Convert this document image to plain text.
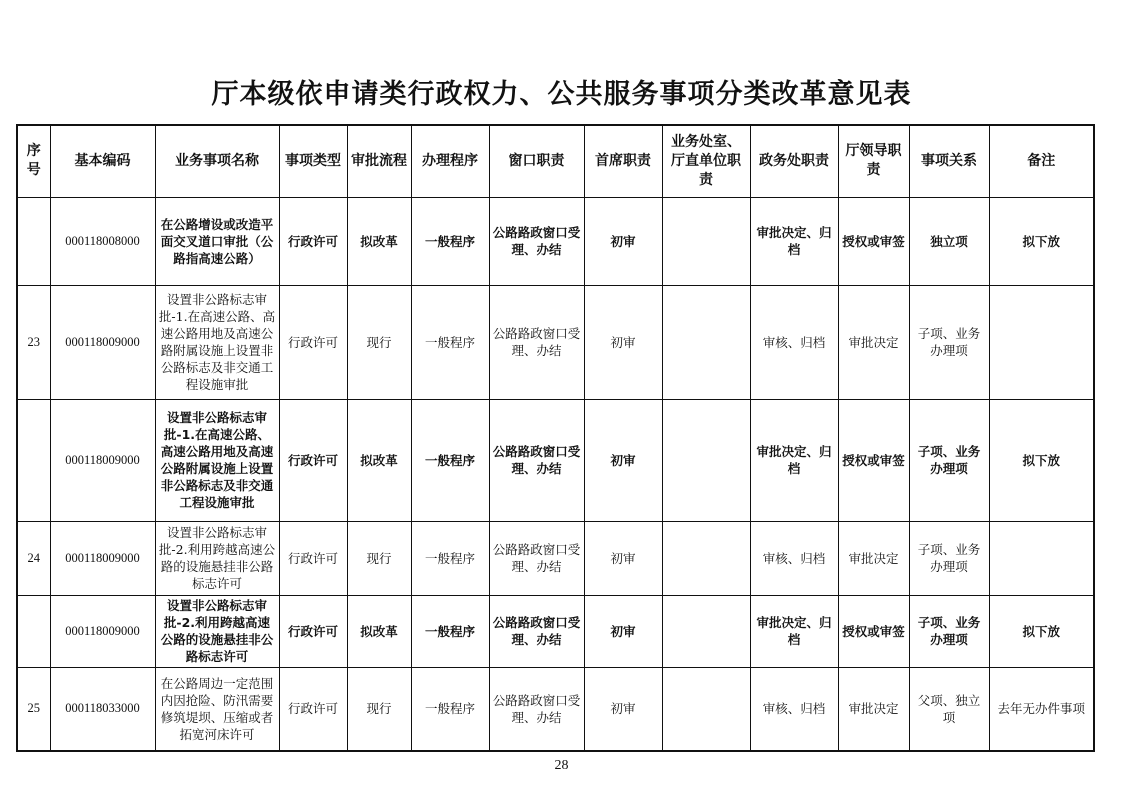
厅本级依申请类行政权力、公共服务事项分类改革意见表
序号	基本编码	业务事项名称	事项类型	审批流程	办理程序	窗口职责	首席职责	业务处室、厅直单位职责	政务处职责	厅领导职责	事项关系	备注
	000118008000	在公路增设或改造平面交叉道口审批（公路指高速公路）	行政许可	拟改革	一般程序	公路路政窗口受理、办结	初审		审批决定、归档	授权或审签	独立项	拟下放
23	000118009000	设置非公路标志审批-1.在高速公路、高速公路用地及高速公路附属设施上设置非公路标志及非交通工程设施审批	行政许可	现行	一般程序	公路路政窗口受理、办结	初审		审核、归档	审批决定	子项、业务办理项	
	000118009000	设置非公路标志审批-1.在高速公路、高速公路用地及高速公路附属设施上设置非公路标志及非交通工程设施审批	行政许可	拟改革	一般程序	公路路政窗口受理、办结	初审		审批决定、归档	授权或审签	子项、业务办理项	拟下放
24	000118009000	设置非公路标志审批-2.利用跨越高速公路的设施悬挂非公路标志许可	行政许可	现行	一般程序	公路路政窗口受理、办结	初审		审核、归档	审批决定	子项、业务办理项	
	000118009000	设置非公路标志审批-2.利用跨越高速公路的设施悬挂非公路标志许可	行政许可	拟改革	一般程序	公路路政窗口受理、办结	初审		审批决定、归档	授权或审签	子项、业务办理项	拟下放
25	000118033000	在公路周边一定范围内因抢险、防汛需要修筑堤坝、压缩或者拓宽河床许可	行政许可	现行	一般程序	公路路政窗口受理、办结	初审		审核、归档	审批决定	父项、独立项	去年无办件事项
28
